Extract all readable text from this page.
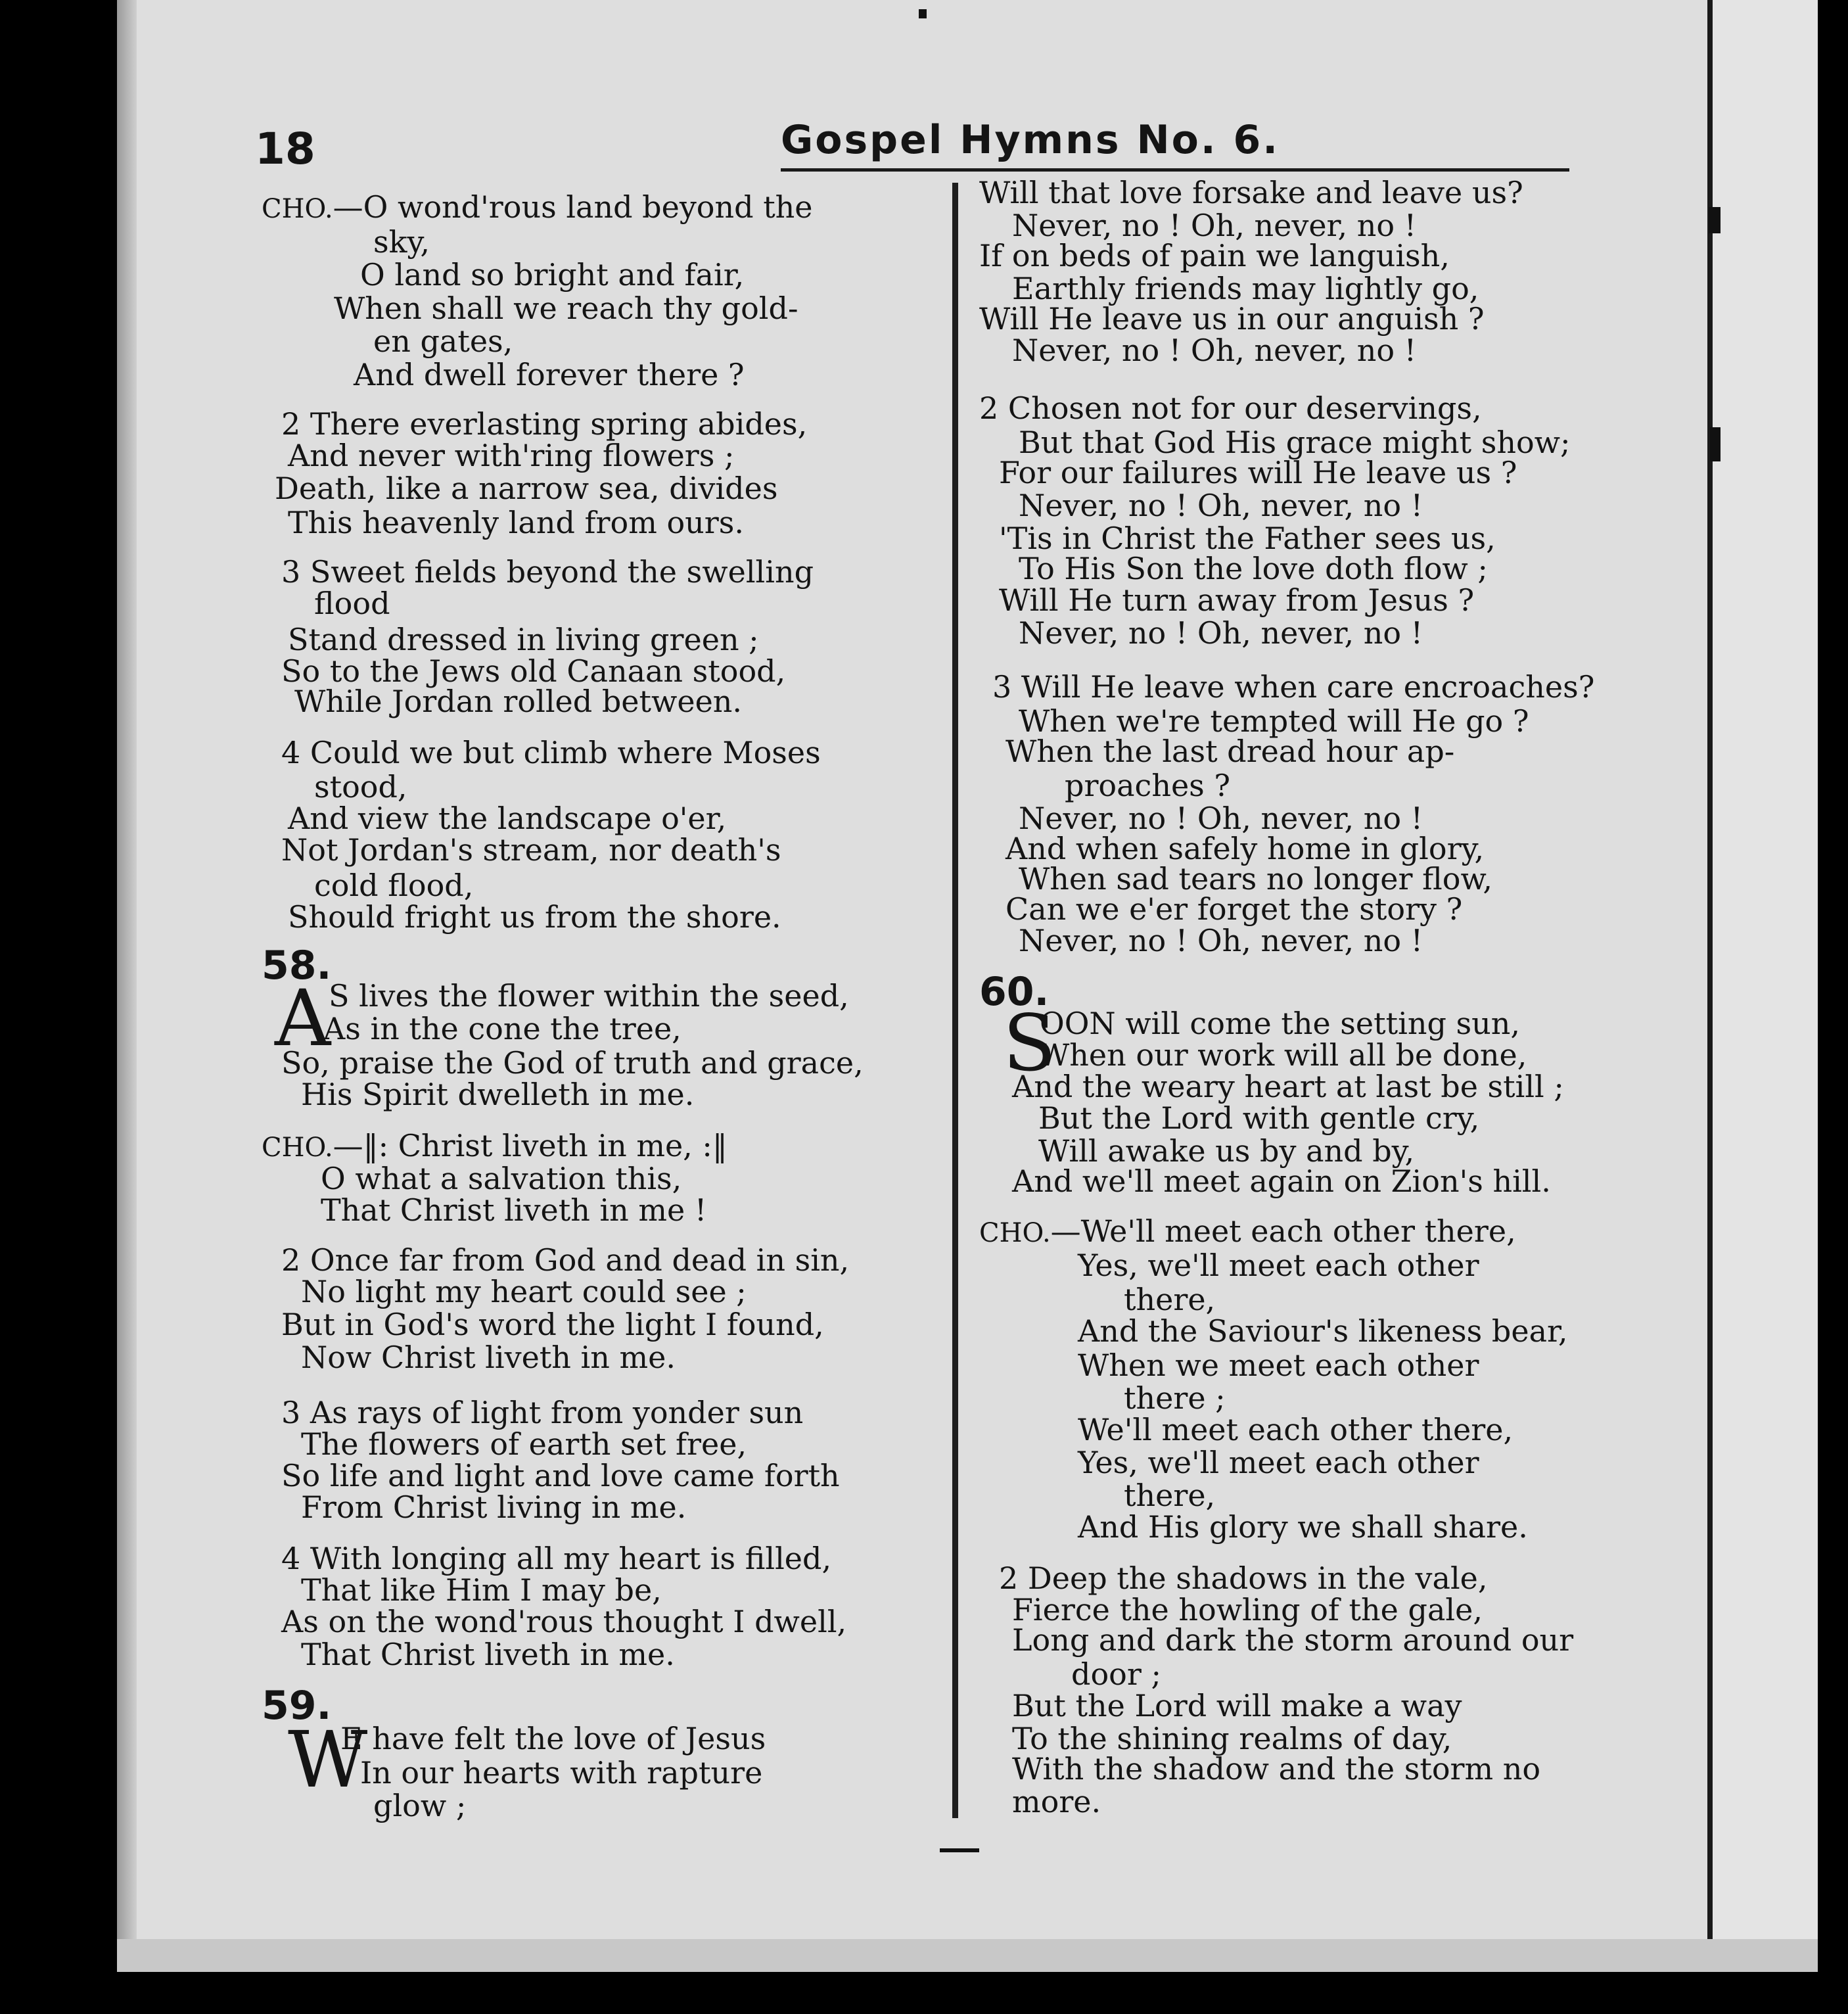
18	Gospel Hymns No. 6.
CHO.—O wond'rous land beyond the
sky,
O land so bright and fair,
When shall we reach thy gold-
en gates,
And dwell forever there ?
2 There everlasting spring abides,
And never with'ring flowers ;
Death, like a narrow sea, divides
This heavenly land from ours.
3 Sweet fields beyond the swelling
flood
Stand dressed in living green ;
So to the Jews old Canaan stood,
While Jordan rolled between.
4 Could we but climb where Moses
stood,
And view the landscape o'er,
Not Jordan's stream, nor death's
cold flood,
Should fright us from the shore.
58.
A
S lives the flower within the seed,
As in the cone the tree,
So, praise the God of truth and grace,
His Spirit dwelleth in me.
CHO.—‖: Christ liveth in me, :‖
O what a salvation this,
That Christ liveth in me !
2 Once far from God and dead in sin,
No light my heart could see ;
But in God's word the light I found,
Now Christ liveth in me.
3 As rays of light from yonder sun
The flowers of earth set free,
So life and light and love came forth
From Christ living in me.
4 With longing all my heart is filled,
That like Him I may be,
As on the wond'rous thought I dwell,
That Christ liveth in me.
59.
W
E have felt the love of Jesus
In our hearts with rapture
glow ;
Will that love forsake and leave us?
Never, no ! Oh, never, no !
If on beds of pain we languish,
Earthly friends may lightly go,
Will He leave us in our anguish ?
Never, no ! Oh, never, no !
2 Chosen not for our deservings,
But that God His grace might show;
For our failures will He leave us ?
Never, no ! Oh, never, no !
'Tis in Christ the Father sees us,
To His Son the love doth flow ;
Will He turn away from Jesus ?
Never, no ! Oh, never, no !
3 Will He leave when care encroaches?
When we're tempted will He go ?
When the last dread hour ap-
proaches ?
Never, no ! Oh, never, no !
And when safely home in glory,
When sad tears no longer flow,
Can we e'er forget the story ?
Never, no ! Oh, never, no !
60.
S
OON will come the setting sun,
When our work will all be done,
And the weary heart at last be still ;
But the Lord with gentle cry,
Will awake us by and by,
And we'll meet again on Zion's hill.
CHO.—We'll meet each other there,
Yes, we'll meet each other
there,
And the Saviour's likeness bear,
When we meet each other
there ;
We'll meet each other there,
Yes, we'll meet each other
there,
And His glory we shall share.
2 Deep the shadows in the vale,
Fierce the howling of the gale,
Long and dark the storm around our
door ;
But the Lord will make a way
To the shining realms of day,
With the shadow and the storm no
more.
